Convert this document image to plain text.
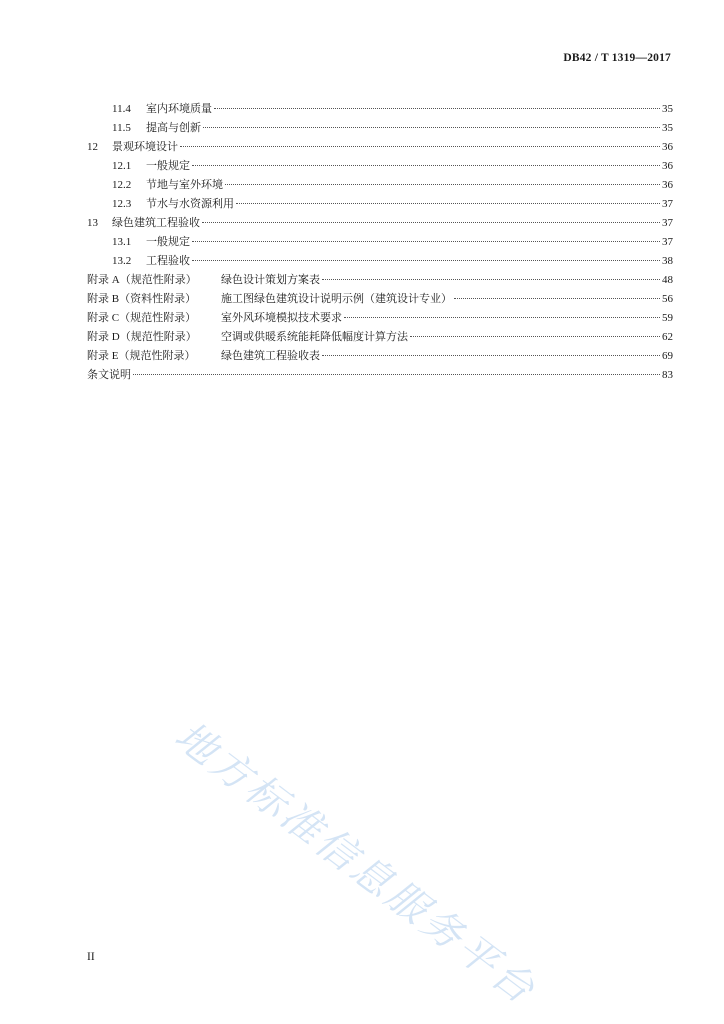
DB42 / T 1319—2017
11.4	室内环境质量	35
11.5	提高与创新	35
12	景观环境设计	36
12.1	一般规定	36
12.2	节地与室外环境	36
12.3	节水与水资源利用	37
13	绿色建筑工程验收	37
13.1	一般规定	37
13.2	工程验收	38
附录 A（规范性附录）	绿色设计策划方案表	48
附录 B（资料性附录）	施工图绿色建筑设计说明示例（建筑设计专业）	56
附录 C（规范性附录）	室外风环境模拟技术要求	59
附录 D（规范性附录）	空调或供暖系统能耗降低幅度计算方法	62
附录 E（规范性附录）	绿色建筑工程验收表	69
条文说明	83
地方标准信息服务平台
II
